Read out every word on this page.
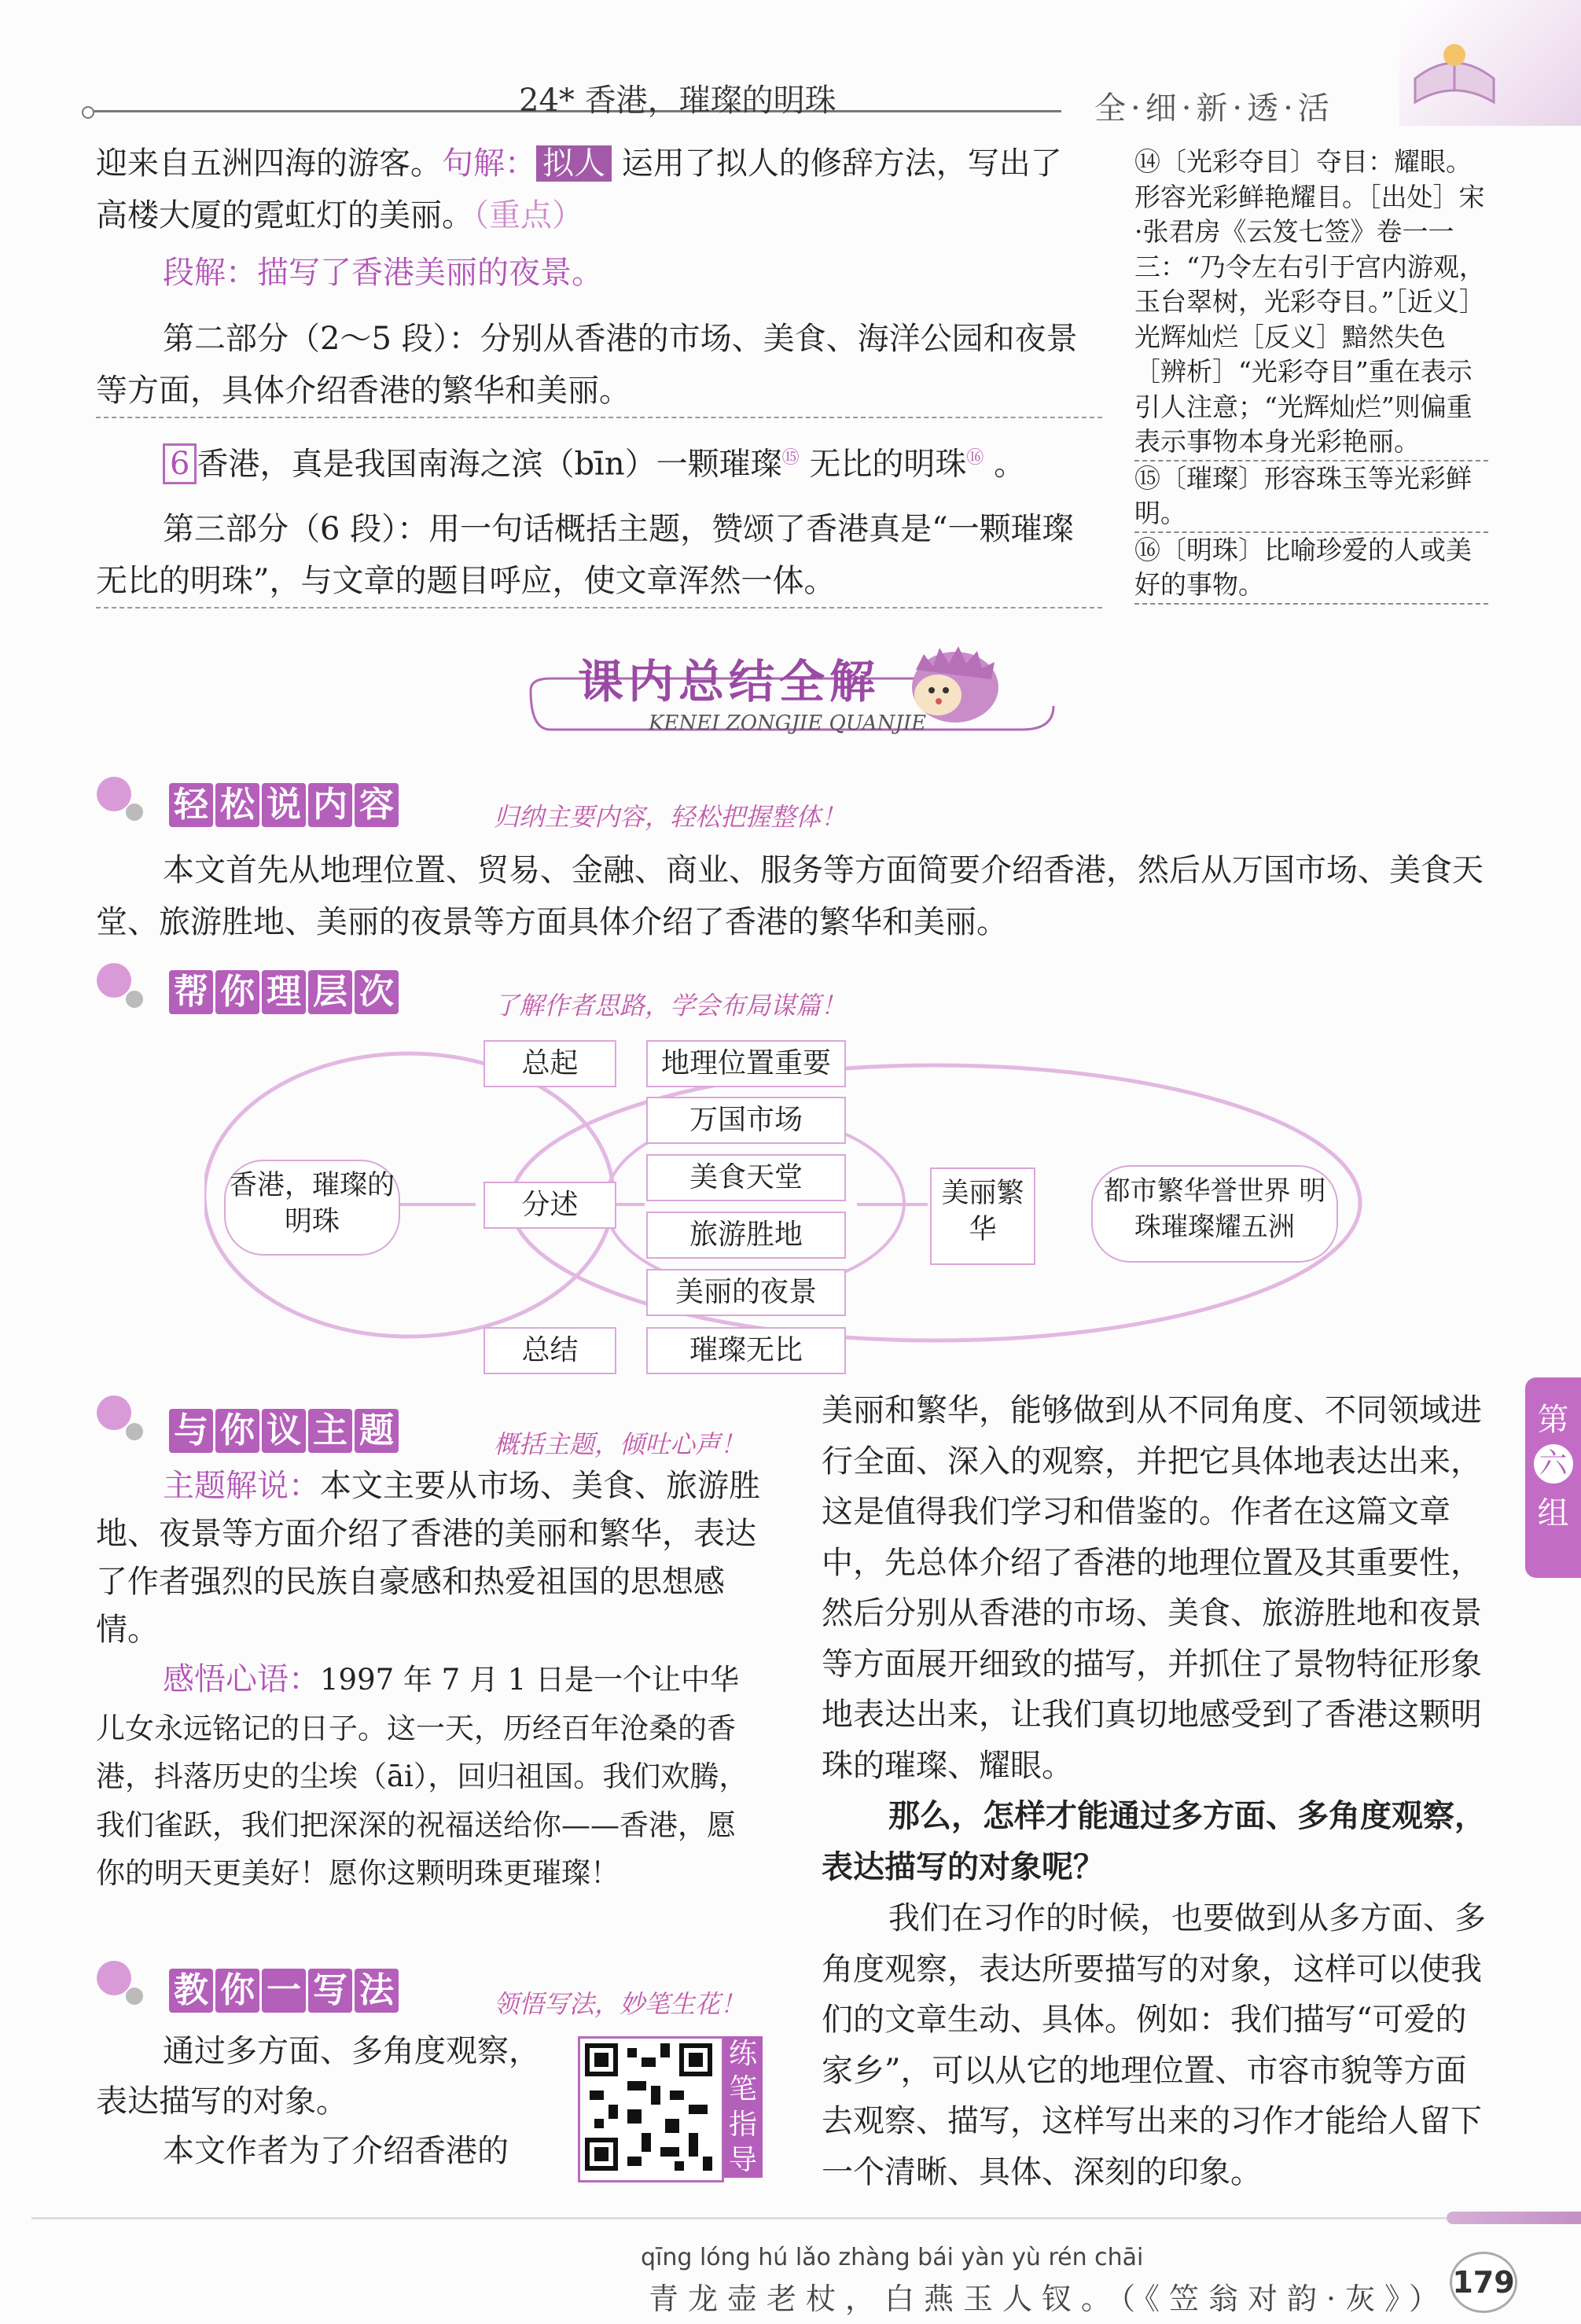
24* 香港，璀璨的明珠	全·细·新·透·活
迎来自五洲四海的游客。句解： 拟人 运用了拟人的修辞方法，写出了
高楼大厦的霓虹灯的美丽。（重点）
段解：描写了香港美丽的夜景。
第二部分（2～5 段）：分别从香港的市场、美食、海洋公园和夜景等方面，具体介绍香港的繁华和美丽。
6 香港，真是我国南海之滨（bīn）一颗璀璨⑮ 无比的明珠⑯ 。
第三部分（6 段）：用一句话概括主题，赞颂了香港真是“一颗璀璨无比的明珠”，与文章的题目呼应，使文章浑然一体。
⑭〔光彩夺目〕夺目：耀眼。形容光彩鲜艳耀目。［出处］宋·张君房《云笈七签》卷一一三：“乃令左右引于宫内游观，玉台翠树，光彩夺目。”［近义］光辉灿烂［反义］黯然失色［辨析］“光彩夺目”重在表示引人注意；“光辉灿烂”则偏重表示事物本身光彩艳丽。
⑮〔璀璨〕形容珠玉等光彩鲜明。
⑯〔明珠〕比喻珍爱的人或美好的事物。
课内总结全解
KENEI ZONGJIE QUANJIE
轻 松 说 内 容	归纳主要内容，轻松把握整体！
本文首先从地理位置、贸易、金融、商业、服务等方面简要介绍香港，然后从万国市场、美食天堂、旅游胜地、美丽的夜景等方面具体介绍了香港的繁华和美丽。
帮 你 理 层 次	了解作者思路，学会布局谋篇！
香港，璀璨的明珠
总起
分述
总结
地理位置重要
万国市场
美食天堂
旅游胜地
美丽的夜景
璀璨无比
美丽繁华
都市繁华誉世界 明珠璀璨耀五洲
与 你 议 主 题	概括主题，倾吐心声！
主题解说：本文主要从市场、美食、旅游胜地、夜景等方面介绍了香港的美丽和繁华，表达了作者强烈的民族自豪感和热爱祖国的思想感情。
感悟心语：1997 年 7 月 1 日是一个让中华儿女永远铭记的日子。这一天，历经百年沧桑的香港，抖落历史的尘埃（āi），回归祖国。我们欢腾，我们雀跃，我们把深深的祝福送给你——香港，愿你的明天更美好！愿你这颗明珠更璀璨！
教 你 一 写 法	领悟写法，妙笔生花！
通过多方面、多角度观察，表达描写的对象。
本文作者为了介绍香港的
练笔指导
美丽和繁华，能够做到从不同角度、不同领域进行全面、深入的观察，并把它具体地表达出来，这是值得我们学习和借鉴的。作者在这篇文章中，先总体介绍了香港的地理位置及其重要性，然后分别从香港的市场、美食、旅游胜地和夜景等方面展开细致的描写，并抓住了景物特征形象地表达出来，让我们真切地感受到了香港这颗明珠的璀璨、耀眼。
那么，怎样才能通过多方面、多角度观察，表达描写的对象呢？
我们在习作的时候，也要做到从多方面、多角度观察，表达所要描写的对象，这样可以使我们的文章生动、具体。例如：我们描写“可爱的家乡”，可以从它的地理位置、市容市貌等方面去观察、描写，这样写出来的习作才能给人留下一个清晰、具体、深刻的印象。
第
六
组
qīng lóng hú lǎo zhàng bái yàn yù rén chāi
青龙壶老杖，白燕玉人钗。（《笠翁对韵·灰》） 179
